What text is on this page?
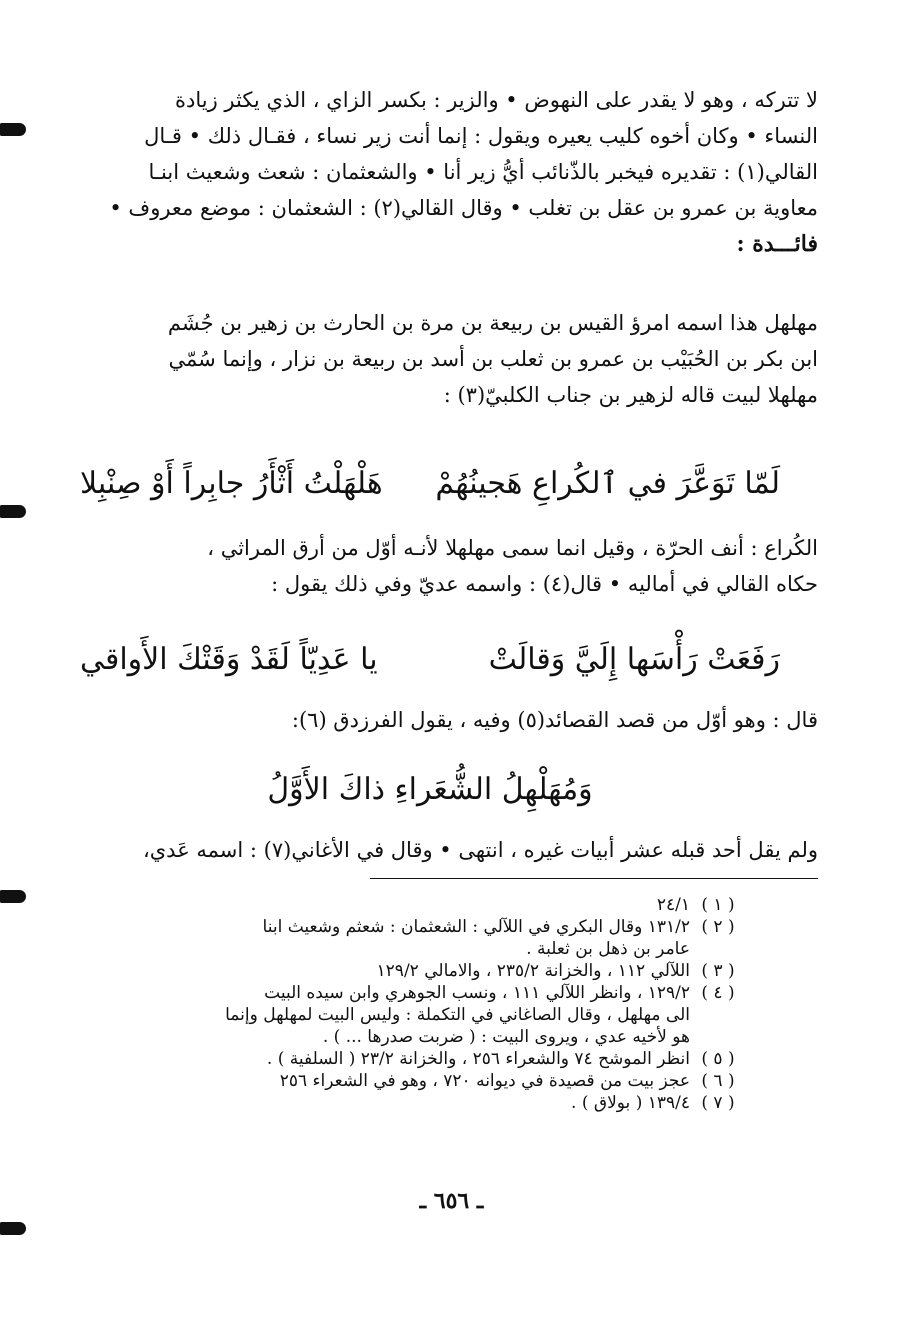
لا تتركه ، وهو لا يقدر على النهوض • والزير : بكسر الزاي ، الذي يكثر زيادة
النساء • وكان أخوه كليب يعيره ويقول : إنما أنت زير نساء ، فقـال ذلك • قـال
القالي(١) : تقديره فيخبر بالذّنائب أيُّ زير أنا • والشعثمان : شعث وشعيث ابنـا
معاوية بن عمرو بن عقل بن تغلب • وقال القالي(٢) : الشعثمان : موضع معروف •
فائـــدة :
مهلهل هذا اسمه امرؤ القيس بن ربيعة بن مرة بن الحارث بن زهير بن جُشَم
ابن بكر بن الحُبَيْب بن عمرو بن ثعلب بن أسد بن ربيعة بن نزار ، وإنما سُمّي
مهلهلا لبيت قاله لزهير بن جناب الكلبيّ(٣) :
لَمّا تَوَعَّرَ في ٱلكُراعِ هَجينُهُمْ
هَلْهَلْتُ أَثْأَرُ جابِراً أَوْ صِنْبِلا
الكُراع : أنف الحرّة ، وقيل انما سمى مهلهلا لأنـه أوّل من أرق المراثي ،
حكاه القالي في أماليه • قال(٤) : واسمه عديّ وفي ذلك يقول :
رَفَعَتْ رَأْسَها إِلَيَّ وَقالَتْ
يا عَدِيّاً لَقَدْ وَقَتْكَ الأَواقي
قال : وهو أوّل من قصد القصائد(٥) وفيه ، يقول الفرزدق (٦):
وَمُهَلْهِلُ الشُّعَراءِ ذاكَ الأَوَّلُ
ولم يقل أحد قبله عشر أبيات غيره ، انتهى • وقال في الأغاني(٧) : اسمه عَدي،
( ١ )
٢٤/١
( ٢ )
١٣١/٢ وقال البكري في اللآلي : الشعثمان : شعثم وشعيث ابنا
عامر بن ذهل بن ثعلبة .
( ٣ )
اللآلي ١١٢ ، والخزانة ٢٣٥/٢ ، والامالي ١٢٩/٢
( ٤ )
١٢٩/٢ ، وانظر اللآلي ١١١ ، ونسب الجوهري وابن سيده البيت
الى مهلهل ، وقال الصاغاني في التكملة : وليس البيت لمهلهل وإنما
هو لأخيه عدي ، ويروى البيت : ( ضربت صدرها ... ) .
( ٥ )
انظر الموشح ٧٤ والشعراء ٢٥٦ ، والخزانة ٢٣/٢ ( السلفية ) .
( ٦ )
عجز بيت من قصيدة في ديوانه ٧٢٠ ، وهو في الشعراء ٢٥٦
( ٧ )
١٣٩/٤ ( بولاق ) .
ـ ٦٥٦ ـ
